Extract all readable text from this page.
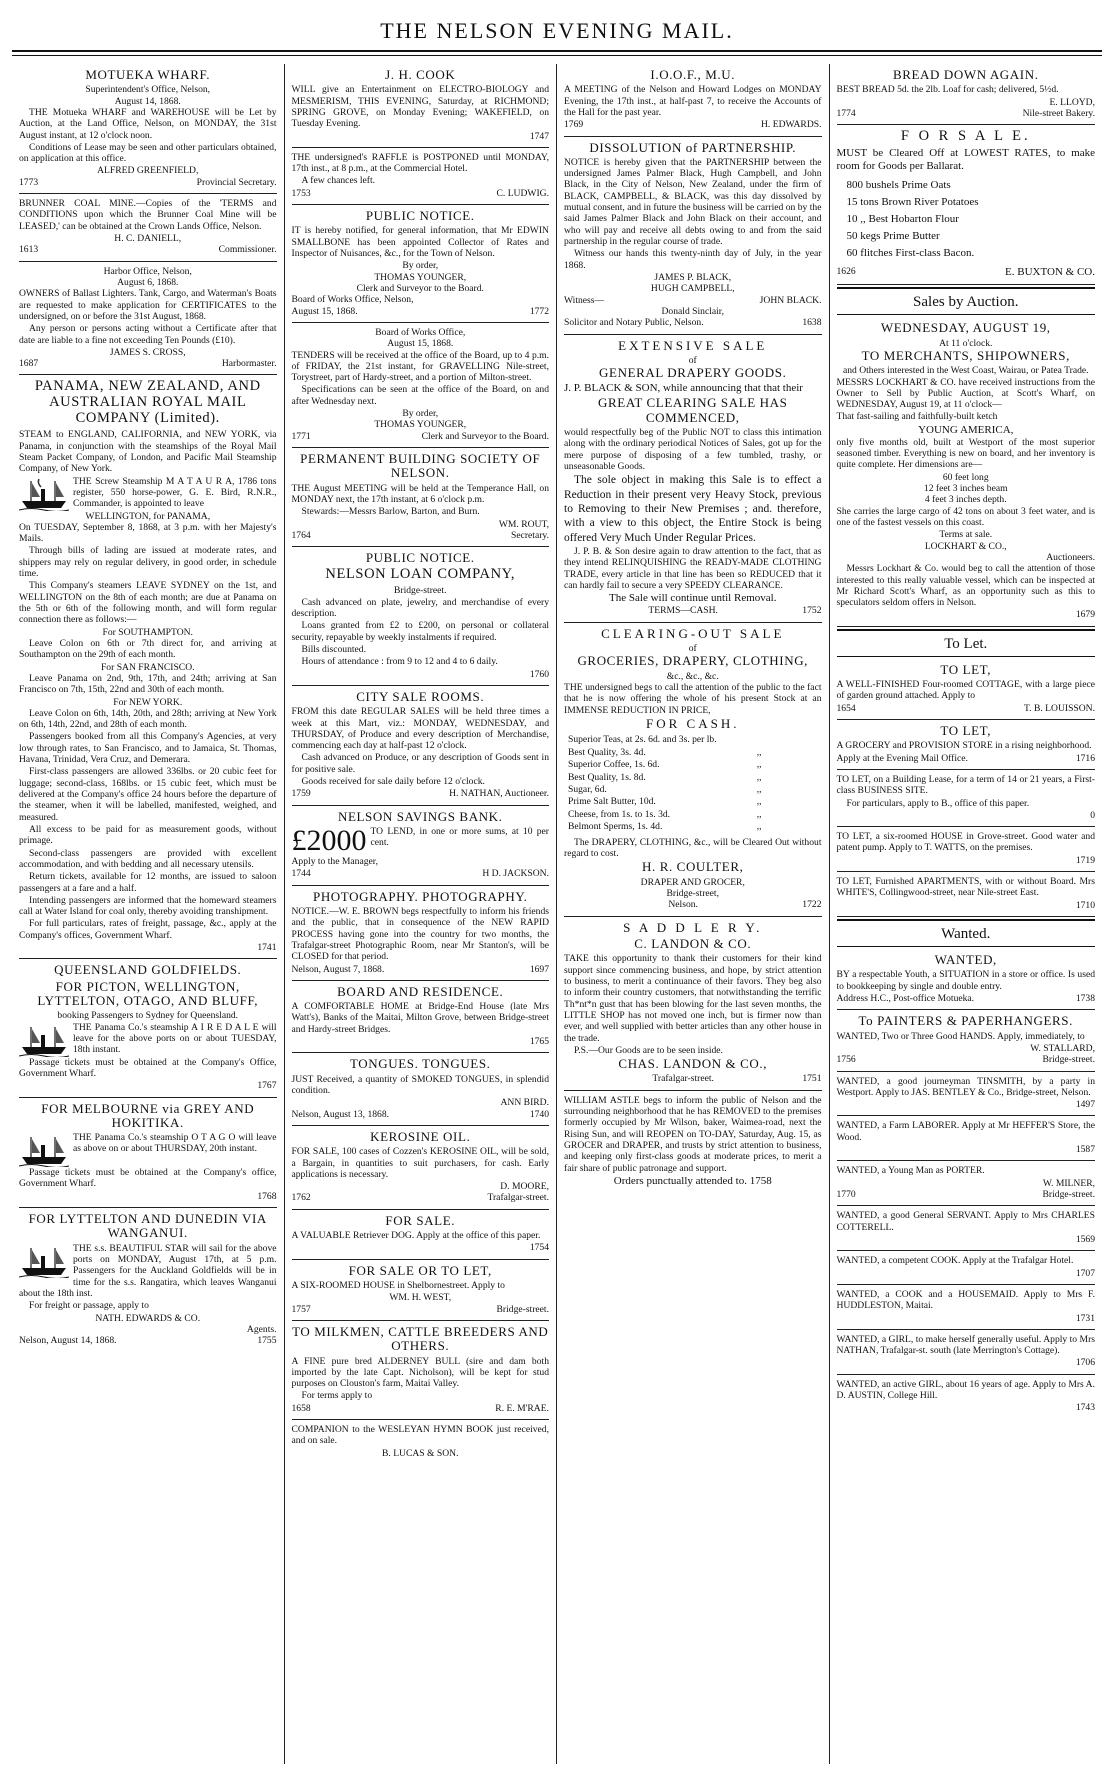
THE NELSON EVENING MAIL.
MOTUEKA WHARF.
Superintendent's Office, Nelson,
August 14, 1868.

THE Motueka WHARF and WAREHOUSE will be Let by Auction, at the Land Office, Nelson, on MONDAY, the 31st August instant, at 12 o'clock noon.

Conditions of Lease may be seen and other particulars obtained, on application at this office.

ALFRED GREENFIELD,
1773	Provincial Secretary.

BRUNNER COAL MINE.—Copies of the 'TERMS and CONDITIONS upon which the Brunner Coal Mine will be LEASED,' can be obtained at the Crown Lands Office, Nelson.

H. C. DANIELL,
1613	Commissioner.
Harbor Office, Nelson,
August 6, 1868.

OWNERS of Ballast Lighters. Tank, Cargo, and Waterman's Boats are requested to make application for CERTIFICATES to the undersigned, on or before the 31st August, 1868.

Any person or persons acting without a Certificate after that date are liable to a fine not exceeding Ten Pounds (£10).

JAMES S. CROSS,
1687	Harbormaster.
PANAMA, NEW ZEALAND, AND AUSTRALIAN ROYAL MAIL COMPANY (Limited).

STEAM to ENGLAND, CALIFORNIA, and NEW YORK, via Panama, in conjunction with the steamships of the Royal Mail Steam Packet Company, of London, and Pacific Mail Steamship Company, of New York.

THE Screw Steamship M A T A U R A, 1786 tons register, 550 horse-power, G. E. Bird, R.N.R., Commander, is appointed to leave

WELLINGTON, for PANAMA,

On TUESDAY, September 8, 1868, at 3 p.m. with her Majesty's Mails.

Through bills of lading are issued at moderate rates, and shippers may rely on regular delivery, in good order, in schedule time.

This Company's steamers LEAVE SYDNEY on the 1st, and WELLINGTON on the 8th of each month; are due at Panama on the 5th or 6th of the following month, and will form regular connection there as follows:—

For SOUTHAMPTON.

Leave Colon on 6th or 7th direct for, and arriving at Southampton on the 29th of each month.

For SAN FRANCISCO.

Leave Panama on 2nd, 9th, 17th, and 24th; arriving at San Francisco on 7th, 15th, 22nd and 30th of each month.

For NEW YORK.

Leave Colon on 6th, 14th, 20th, and 28th; arriving at New York on 6th, 14th, 22nd, and 28th of each month.

Passengers booked from all this Company's Agencies, at very low through rates, to San Francisco, and to Jamaica, St. Thomas, Havana, Trinidad, Vera Cruz, and Demerara.

First-class passengers are allowed 336lbs. or 20 cubic feet for luggage; second-class, 168lbs. or 15 cubic feet, which must be delivered at the Company's office 24 hours before the departure of the steamer, when it will be labelled, manifested, weighed, and measured.

All excess to be paid for as measurement goods, without primage.

Second-class passengers are provided with excellent accommodation, and with bedding and all necessary utensils.

Return tickets, available for 12 months, are issued to saloon passengers at a fare and a half.

Intending passengers are informed that the homeward steamers call at Water Island for coal only, thereby avoiding transhipment.

For full particulars, rates of freight, passage, &c., apply at the Company's offices, Government Wharf.

1741
QUEENSLAND GOLDFIELDS.
FOR PICTON, WELLINGTON, LYTTELTON, OTAGO, AND BLUFF,
booking Passengers to Sydney for Queensland.

THE Panama Co.'s steamship A I R E D A L E will leave for the above ports on or about TUESDAY, 18th instant.

Passage tickets must be obtained at the Company's Office, Government Wharf.

1767
FOR MELBOURNE via GREY AND HOKITIKA.

THE Panama Co.'s steamship O T A G O will leave as above on or about THURSDAY, 20th instant.

Passage tickets must be obtained at the Company's office, Government Wharf.

1768
FOR LYTTELTON AND DUNEDIN VIA WANGANUI.

THE s.s. BEAUTIFUL STAR will sail for the above ports on MONDAY, August 17th, at 5 p.m. Passengers for the Auckland Goldfields will be in time for the s.s. Rangatira, which leaves Wanganui about the 18th inst.

For freight or passage, apply to

NATH. EDWARDS & CO.
Agents.
Nelson, August 14, 1868.	1755
J. H. COOK

WILL give an Entertainment on ELECTRO-BIOLOGY and MESMERISM, THIS EVENING, Saturday, at RICHMOND; SPRING GROVE, on Monday Evening; WAKEFIELD, on Tuesday Evening.

1747

THE undersigned's RAFFLE is POSTPONED until MONDAY, 17th inst., at 8 p.m., at the Commercial Hotel.

A few chances left.

1753	C. LUDWIG.
PUBLIC NOTICE.

IT is hereby notified, for general information, that Mr EDWIN SMALLBONE has been appointed Collector of Rates and Inspector of Nuisances, &c., for the Town of Nelson.

By order,
THOMAS YOUNGER,
Clerk and Surveyor to the Board.
Board of Works Office, Nelson,
August 15, 1868.	1772
Board of Works Office,
August 15, 1868.

TENDERS will be received at the office of the Board, up to 4 p.m. of FRIDAY, the 21st instant, for GRAVELLING Nile-street, Torystreet, part of Hardy-street, and a portion of Milton-street.

Specifications can be seen at the office of the Board, on and after Wednesday next.

By order,
THOMAS YOUNGER,
1771	Clerk and Surveyor to the Board.
PERMANENT BUILDING SOCIETY OF NELSON.

THE August MEETING will be held at the Temperance Hall, on MONDAY next, the 17th instant, at 6 o'clock p.m.

Stewards:—Messrs Barlow, Barton, and Burn.

WM. ROUT,
1764	Secretary.
PUBLIC NOTICE.
NELSON LOAN COMPANY,
Bridge-street.

Cash advanced on plate, jewelry, and merchandise of every description.

Loans granted from £2 to £200, on personal or collateral security, repayable by weekly instalments if required.

Bills discounted.

Hours of attendance : from 9 to 12 and 4 to 6 daily.

1760
CITY SALE ROOMS.

FROM this date REGULAR SALES will be held three times a week at this Mart, viz.: MONDAY, WEDNESDAY, and THURSDAY, of Produce and every description of Merchandise, commencing each day at half-past 12 o'clock.

Cash advanced on Produce, or any description of Goods sent in for positive sale.

Goods received for sale daily before 12 o'clock.

1759	H. NATHAN, Auctioneer.
NELSON SAVINGS BANK.
£2000 TO LEND, in one or more sums, at 10 per cent.

Apply to the Manager,

1744	H D. JACKSON.
PHOTOGRAPHY. PHOTOGRAPHY.

NOTICE.—W. E. BROWN begs respectfully to inform his friends and the public, that in consequence of the NEW RAPID PROCESS having gone into the country for two months, the Trafalgar-street Photographic Room, near Mr Stanton's, will be CLOSED for that period.

Nelson, August 7, 1868.	1697
BOARD AND RESIDENCE.

A COMFORTABLE HOME at Bridge-End House (late Mrs Watt's), Banks of the Maitai, Milton Grove, between Bridge-street and Hardy-street Bridges.

1765
TONGUES. TONGUES.

JUST Received, a quantity of SMOKED TONGUES, in splendid condition.

ANN BIRD.
Nelson, August 13, 1868.	1740
KEROSINE OIL.

FOR SALE, 100 cases of Cozzen's KEROSINE OIL, will be sold, a Bargain, in quantities to suit purchasers, for cash. Early applications is necessary.

D. MOORE,
1762	Trafalgar-street.
FOR SALE.

A VALUABLE Retriever DOG. Apply at the office of this paper.

1754
FOR SALE OR TO LET,

A SIX-ROOMED HOUSE in Shelbornestreet. Apply to

WM. H. WEST,
1757	Bridge-street.
TO MILKMEN, CATTLE BREEDERS AND OTHERS.

A FINE pure bred ALDERNEY BULL (sire and dam both imported by the late Capt. Nicholson), will be kept for stud purposes on Clouston's farm, Maitai Valley.

For terms apply to

1658	R. E. M'RAE.

COMPANION to the WESLEYAN HYMN BOOK just received, and on sale.

B. LUCAS & SON.
I.O.O.F., M.U.

A MEETING of the Nelson and Howard Lodges on MONDAY Evening, the 17th inst., at half-past 7, to receive the Accounts of the Hall for the past year.

1769	H. EDWARDS.
DISSOLUTION of PARTNERSHIP.

NOTICE is hereby given that the PARTNERSHIP between the undersigned James Palmer Black, Hugh Campbell, and John Black, in the City of Nelson, New Zealand, under the firm of BLACK, CAMPBELL, & BLACK, was this day dissolved by mutual consent, and in future the business will be carried on by the said James Palmer Black and John Black on their account, and who will pay and receive all debts owing to and from the said partnership in the regular course of trade.

Witness our hands this twenty-ninth day of July, in the year 1868.

JAMES P. BLACK,
HUGH CAMPBELL,
Witness—	JOHN BLACK.
Donald Sinclair,
Solicitor and Notary Public, Nelson.	1638
EXTENSIVE SALE
of
GENERAL DRAPERY GOODS.

J. P. BLACK & SON, while announcing that that their

GREAT CLEARING SALE HAS COMMENCED,

would respectfully beg of the Public NOT to class this intimation along with the ordinary periodical Notices of Sales, got up for the mere purpose of disposing of a few tumbled, trashy, or unseasonable Goods.

The sole object in making this Sale is to effect a Reduction in their present very Heavy Stock, previous to Removing to their New Premises ; and. therefore, with a view to this object, the Entire Stock is being offered Very Much Under Regular Prices.

J. P. B. & Son desire again to draw attention to the fact, that as they intend RELINQUISHING the READY-MADE CLOTHING TRADE, every article in that line has been so REDUCED that it can hardly fail to secure a very SPEEDY CLEARANCE.

The Sale will continue until Removal.
TERMS—CASH.	1752
CLEARING-OUT SALE
of
GROCERIES, DRAPERY, CLOTHING,
&c., &c., &c.

THE undersigned begs to call the attention of the public to the fact that he is now offering the whole of his present Stock at an IMMENSE REDUCTION IN PRICE,

FOR CASH.
Superior Teas, at 2s. 6d. and 3s. per lb.
Best Quality, 3s. 4d.	,,
Superior Coffee, 1s. 6d.	,,
Best Quality, 1s. 8d.	,,
Sugar, 6d.	,,
Prime Salt Butter, 10d.	,,
Cheese, from 1s. to 1s. 3d.	,,
Belmont Sperms, 1s. 4d.	,,

The DRAPERY, CLOTHING, &c., will be Cleared Out without regard to cost.

H. R. COULTER,
DRAPER AND GROCER,
Bridge-street,
Nelson.	1722
S A D D L E R Y.
C. LANDON & CO.

TAKE this opportunity to thank their customers for their kind support since commencing business, and hope, by strict attention to business, to merit a continuance of their favors. They beg also to inform their country customers, that notwithstanding the terrific Th*nt*n gust that has been blowing for the last seven months, the LITTLE SHOP has not moved one inch, but is firmer now than ever, and well supplied with better articles than any other house in the trade.

P.S.—Our Goods are to be seen inside.

CHAS. LANDON & CO.,
Trafalgar-street.	1751

WILLIAM ASTLE begs to inform the public of Nelson and the surrounding neighborhood that he has REMOVED to the premises formerly occupied by Mr Wilson, baker, Waimea-road, next the Rising Sun, and will REOPEN on TO-DAY, Saturday, Aug. 15, as GROCER and DRAPER, and trusts by strict attention to business, and keeping only first-class goods at moderate prices, to merit a fair share of public patronage and support.

Orders punctually attended to. 1758
BREAD DOWN AGAIN.

BEST BREAD 5d. the 2lb. Loaf for cash; delivered, 5½d.

E. LLOYD,
1774	Nile-street Bakery.
F O R S A L E.

MUST be Cleared Off at LOWEST RATES, to make room for Goods per Ballarat.

800 bushels Prime Oats
15 tons Brown River Potatoes
10 ,, Best Hobarton Flour
50 kegs Prime Butter
60 flitches First-class Bacon.
1626	E. BUXTON & CO.
Sales by Auction.
WEDNESDAY, AUGUST 19,
At 11 o'clock.
TO MERCHANTS, SHIPOWNERS,
and Others interested in the West Coast, Wairau, or Patea Trade.

MESSRS LOCKHART & CO. have received instructions from the Owner to Sell by Public Auction, at Scott's Wharf, on WEDNESDAY, August 19, at 11 o'clock—

That fast-sailing and faithfully-built ketch

YOUNG AMERICA,

only five months old, built at Westport of the most superior seasoned timber. Everything is new on board, and her inventory is quite complete. Her dimensions are—

60 feet long
12 feet 3 inches beam
4 feet 3 inches depth.

She carries the large cargo of 42 tons on about 3 feet water, and is one of the fastest vessels on this coast.

Terms at sale.
LOCKHART & CO.,
Auctioneers.

Messrs Lockhart & Co. would beg to call the attention of those interested to this really valuable vessel, which can be inspected at Mr Richard Scott's Wharf, as an opportunity such as this to speculators seldom offers in Nelson.

1679
To Let.
TO LET,

A WELL-FINISHED Four-roomed COTTAGE, with a large piece of garden ground attached. Apply to

1654	T. B. LOUISSON.
TO LET,

A GROCERY and PROVISION STORE in a rising neighborhood.

Apply at the Evening Mail Office.	1716

TO LET, on a Building Lease, for a term of 14 or 21 years, a First-class BUSINESS SITE.

For particulars, apply to B., office of this paper.

0

TO LET, a six-roomed HOUSE in Grove-street. Good water and patent pump. Apply to T. WATTS, on the premises.

1719

TO LET, Furnished APARTMENTS, with or without Board. Mrs WHITE'S, Collingwood-street, near Nile-street East.

1710
Wanted.
WANTED,

BY a respectable Youth, a SITUATION in a store or office. Is used to bookkeeping by single and double entry.

Address H.C., Post-office Motueka.	1738
To PAINTERS & PAPERHANGERS.

WANTED, Two or Three Good HANDS. Apply, immediately, to

W. STALLARD,
1756	Bridge-street.

WANTED, a good journeyman TINSMITH, by a party in Westport. Apply to JAS. BENTLEY & Co., Bridge-street, Nelson.

1497

WANTED, a Farm LABORER. Apply at Mr HEFFER'S Store, the Wood.

1587

WANTED, a Young Man as PORTER.

W. MILNER,
1770	Bridge-street.

WANTED, a good General SERVANT. Apply to Mrs CHARLES COTTERELL.

1569

WANTED, a competent COOK. Apply at the Trafalgar Hotel.

1707

WANTED, a COOK and a HOUSEMAID. Apply to Mrs F. HUDDLESTON, Maitai.

1731

WANTED, a GIRL, to make herself generally useful. Apply to Mrs NATHAN, Trafalgar-st. south (late Merrington's Cottage).

1706

WANTED, an active GIRL, about 16 years of age. Apply to Mrs A. D. AUSTIN, College Hill.

1743
